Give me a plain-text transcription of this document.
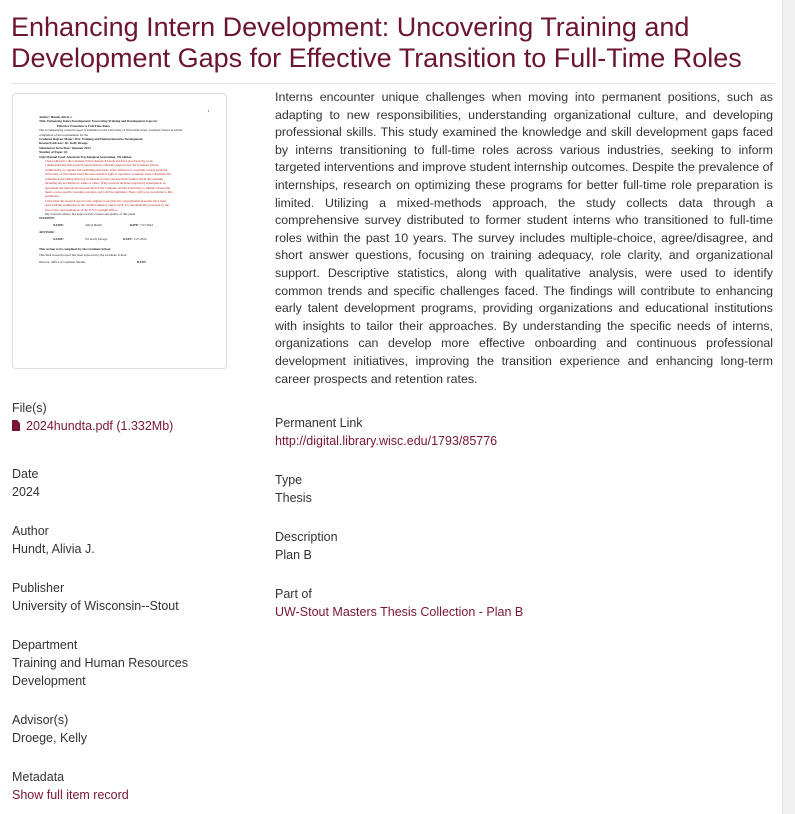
Enhancing Intern Development: Uncovering Training and Development Gaps for Effective Transition to Full-Time Roles
i
Author: Hundt, Alivia J.
Title: Enhancing Intern Development: Uncovering Training and Development Gaps for
Effective Transition to Full-Time Roles
The accompanying research report is submitted to the University of Wisconsin-Stout, Graduate School in partial
completion of the requirements for the
Graduate Degree/ Major: M.S. Training and Human Resource Development
Research Advisor: Dr. Kelly Droege
Submission Term/Year: Summer 2024
Number of Pages: 63
Style Manual Used: American Psychological Association, 7th edition
I have adhered to the Graduate School Research Guide and have proofread my work.
I understand that this research report must be officially approved by the Graduate School.
Additionally, by signing and submitting this form, I (the author(s) or copyright owner) grant the
University of Wisconsin-Stout the non-exclusive right to reproduce, translate, and/or distribute this
submission (including abstract) worldwide in print and electronic format and in any medium,
including but not limited to audio or video. If my research includes proprietary information, an
agreement has been made between myself, the company, and the University to submit a thesis that
meets course-specific learning outcomes and CAN be published. There will be no exceptions to this
permission.
I attest that the research report is my original work (that any copyrightable materials have been
used with the permission of the original authors), and as such, it is automatically protected by the
laws, rules, and regulations of the U.S. Copyright Office.
My research advisor has approved the content and quality of this paper.
STUDENT:
NAME:	Alivia Hundt	DATE: 7/27/2024
ADVISOR:
NAME:	Dr. Kelly Droege	DATE: 7/27/2024
This section to be completed by the Graduate School
This final research report has been approved by the Graduate School.
Director, Office of Graduate Studies	DATE:
File(s)
2024hundta.pdf (1.332Mb)
Date
2024
Author
Hundt, Alivia J.
Publisher
University of Wisconsin--Stout
Department
Training and Human Resources
Development
Advisor(s)
Droege, Kelly
Metadata
Show full item record

Interns encounter unique challenges when moving into permanent positions, such as adapting to new responsibilities, understanding organizational culture, and developing professional skills. This study examined the knowledge and skill development gaps faced by interns transitioning to full-time roles across various industries, seeking to inform targeted interventions and improve student internship outcomes. Despite the prevalence of internships, research on optimizing these programs for better full-time role preparation is limited. Utilizing a mixed-methods approach, the study collects data through a comprehensive survey distributed to former student interns who transitioned to full-time roles within the past 10 years. The survey includes multiple-choice, agree/disagree, and short answer questions, focusing on training adequacy, role clarity, and organizational support. Descriptive statistics, along with qualitative analysis, were used to identify common trends and specific challenges faced. The findings will contribute to enhancing early talent development programs, providing organizations and educational institutions with insights to tailor their approaches. By understanding the specific needs of interns, organizations can develop more effective onboarding and continuous professional development initiatives, improving the transition experience and enhancing long-term career prospects and retention rates.

Permanent Link
http://digital.library.wisc.edu/1793/85776
Type
Thesis
Description
Plan B
Part of
UW-Stout Masters Thesis Collection - Plan B
